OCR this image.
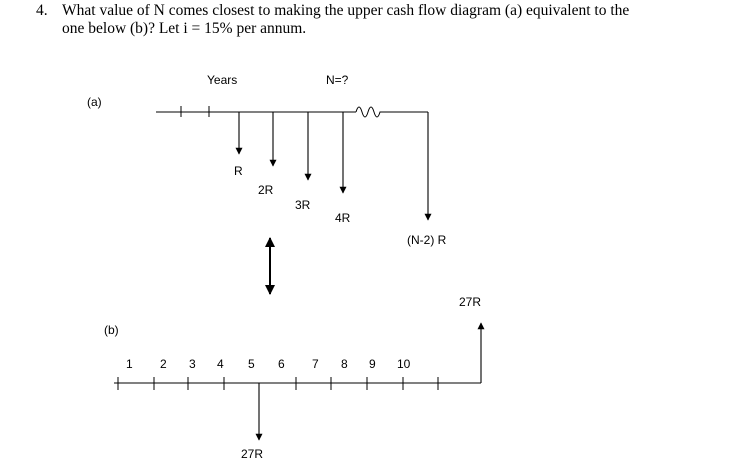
4. What value of N comes closest to making the upper cash flow diagram (a) equivalent to the
one below (b)? Let i = 15% per annum.
(a)
Years	N=?
R
2R
3R
4R
(N-2) R
(b)
1 2 3 4 5 6 7 8 9 10
27R
27R
